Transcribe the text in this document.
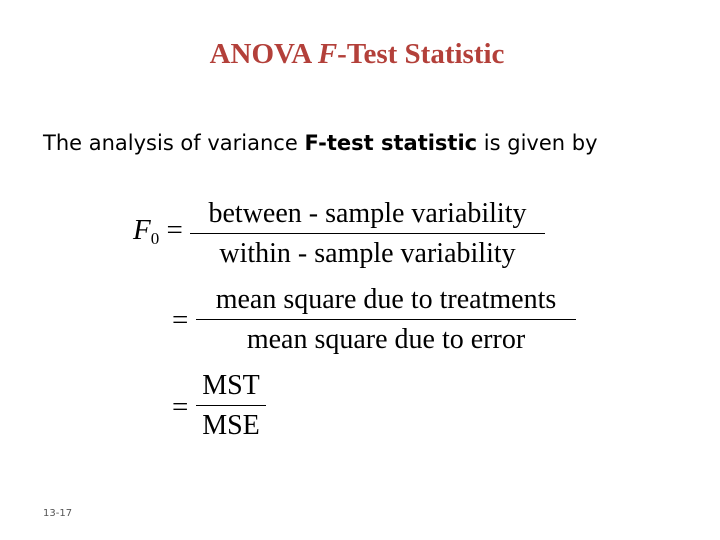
ANOVA F-Test Statistic
The analysis of variance F-test statistic is given by
$F_0$ =
between - sample variability
within - sample variability
=
mean square due to treatments
mean square due to error
=
MST
MSE
13-17
